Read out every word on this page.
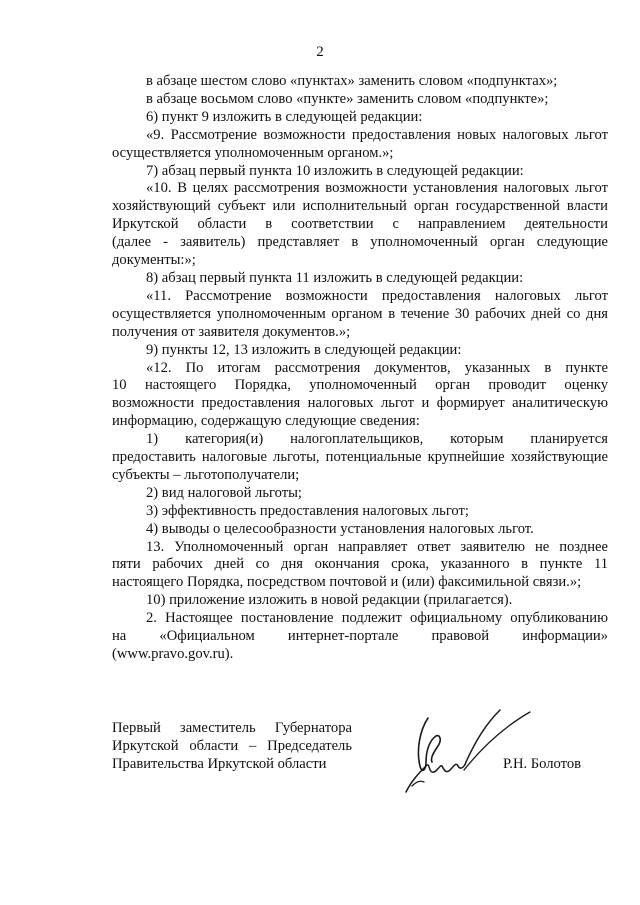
2

в абзаце шестом слово «пунктах» заменить словом «подпунктах»;

в абзаце восьмом слово «пункте» заменить словом «подпункте»;

6) пункт 9 изложить в следующей редакции:

«9. Рассмотрение возможности предоставления новых налоговых льгот

осуществляется уполномоченным органом.»;

7) абзац первый пункта 10 изложить в следующей редакции:

«10. В целях рассмотрения возможности установления налоговых льгот

хозяйствующий субъект или исполнительный орган государственной власти

Иркутской области в соответствии с направлением деятельности

(далее - заявитель) представляет в уполномоченный орган следующие

документы:»;

8) абзац первый пункта 11 изложить в следующей редакции:

«11. Рассмотрение возможности предоставления налоговых льгот

осуществляется уполномоченным органом в течение 30 рабочих дней со дня

получения от заявителя документов.»;

9) пункты 12, 13 изложить в следующей редакции:

«12. По итогам рассмотрения документов, указанных в пункте

10 настоящего Порядка, уполномоченный орган проводит оценку

возможности предоставления налоговых льгот и формирует аналитическую

информацию, содержащую следующие сведения:

1) категория(и) налогоплательщиков, которым планируется

предоставить налоговые льготы, потенциальные крупнейшие хозяйствующие

субъекты – льготополучатели;

2) вид налоговой льготы;

3) эффективность предоставления налоговых льгот;

4) выводы о целесообразности установления налоговых льгот.

13. Уполномоченный орган направляет ответ заявителю не позднее

пяти рабочих дней со дня окончания срока, указанного в пункте 11

настоящего Порядка, посредством почтовой и (или) факсимильной связи.»;

10) приложение изложить в новой редакции (прилагается).

2. Настоящее постановление подлежит официальному опубликованию

на «Официальном интернет-портале правовой информации»

(www.pravo.gov.ru).

Первый заместитель Губернатора
Иркутской области – Председатель
Правительства Иркутской области	Р.Н. Болотов
